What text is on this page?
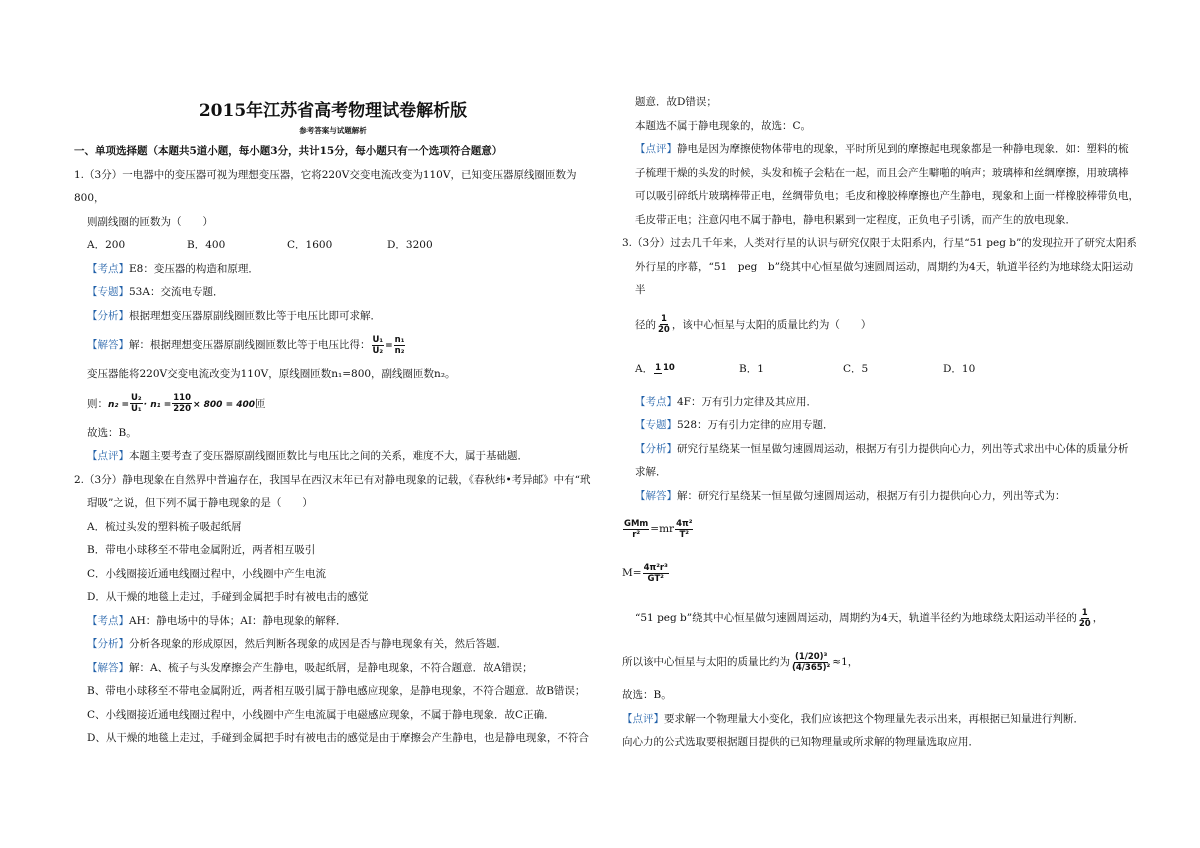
2015年江苏省高考物理试卷解析版
参考答案与试题解析
一、单项选择题（本题共5道小题，每小题3分，共计15分，每小题只有一个选项符合题意）

1.（3分）一电器中的变压器可视为理想变压器，它将220V交变电流改变为110V，已知变压器原线圈匝数为800，

则副线圈的匝数为（　　）

A．200	B．400	C．1600	D．3200

【考点】E8：变压器的构造和原理．

【专题】53A：交流电专题．

【分析】根据理想变压器原副线圈匝数比等于电压比即可求解．

【解答】解：根据理想变压器原副线圈匝数比等于电压比得： $\frac{\text{U₁}}{\text{U₂}} = \frac{\text{n₁}}{\text{n₂}}$

变压器能将220V交变电流改变为110V，原线圈匝数n₁=800，副线圈匝数n₂。

则：$n_2 = \frac{\text{U₂}}{\text{U₁}} \cdot n_1 = \frac{110}{220} \times 800 = 400$匝

故选：B。

【点评】本题主要考查了变压器原副线圈匝数比与电压比之间的关系，难度不大，属于基础题．

2.（3分）静电现象在自然界中普遍存在，我国早在西汉末年已有对静电现象的记载，《春秋纬•考异邮》中有“玳

瑁吸”之说，但下列不属于静电现象的是（　　）

A．梳过头发的塑料梳子吸起纸屑

B．带电小球移至不带电金属附近，两者相互吸引

C．小线圈接近通电线圈过程中，小线圈中产生电流

D．从干燥的地毯上走过，手碰到金属把手时有被电击的感觉

【考点】AH：静电场中的导体；AI：静电现象的解释．

【分析】分析各现象的形成原因，然后判断各现象的成因是否与静电现象有关，然后答题．

【解答】解：A、梳子与头发摩擦会产生静电，吸起纸屑，是静电现象，不符合题意．故A错误；

B、带电小球移至不带电金属附近，两者相互吸引属于静电感应现象，是静电现象，不符合题意．故B错误；

C、小线圈接近通电线圈过程中，小线圈中产生电流属于电磁感应现象，不属于静电现象．故C正确．

D、从干燥的地毯上走过，手碰到金属把手时有被电击的感觉是由于摩擦会产生静电，也是静电现象，不符合

题意．故D错误；

本题选不属于静电现象的，故选：C。

【点评】静电是因为摩擦使物体带电的现象，平时所见到的摩擦起电现象都是一种静电现象．如：塑料的梳

子梳理干燥的头发的时候，头发和梳子会粘在一起，而且会产生噼啪的响声；玻璃棒和丝绸摩擦，用玻璃棒

可以吸引碎纸片玻璃棒带正电，丝绸带负电；毛皮和橡胶棒摩擦也产生静电，现象和上面一样橡胶棒带负电，

毛皮带正电；注意闪电不属于静电，静电积累到一定程度，正负电子引诱，而产生的放电现象．

3.（3分）过去几千年来，人类对行星的认识与研究仅限于太阳系内，行星“51 peg b”的发现拉开了研究太阳系

外行星的序幕，“51　peg　b”绕其中心恒星做匀速圆周运动，周期约为4天，轨道半径约为地球绕太阳运动半

径的 $\frac{1}{20}$ ，该中心恒星与太阳的质量比约为（　　）

A． 1 10	B．1	C．5	D．10

【考点】4F：万有引力定律及其应用．

【专题】528：万有引力定律的应用专题．

【分析】研究行星绕某一恒星做匀速圆周运动，根据万有引力提供向心力，列出等式求出中心体的质量分析

求解．

【解答】解：研究行星绕某一恒星做匀速圆周运动，根据万有引力提供向心力，列出等式为：

$\frac{\text{GMm}}{\text{r²}} =mr \frac{\text{4π²}}{\text{T²}}$

$M= \frac{\text{4π²r³}}{\text{GT²}}$

“51 peg b”绕其中心恒星做匀速圆周运动，周期约为4天，轨道半径约为地球绕太阳运动半径的 $\frac{1}{20}$ ，

所以该中心恒星与太阳的质量比约为 $\frac{\text{(1/20)³}}{\text{(4/365)²}} \approx 1$，

故选：B。

【点评】要求解一个物理量大小变化，我们应该把这个物理量先表示出来，再根据已知量进行判断．

向心力的公式选取要根据题目提供的已知物理量或所求解的物理量选取应用．
